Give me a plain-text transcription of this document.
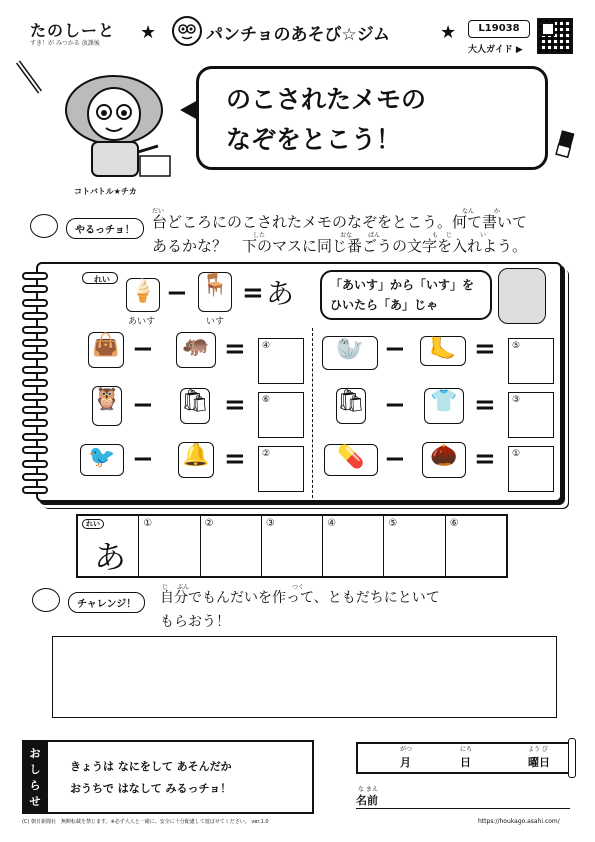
たのしーと
すき！が みつかる 放課後
★	パンチョのあそび☆ジム	★	L19038
大人ガイド ▶
コトバトル★チカ
のこされたメモの
なぞをとこう！
やるっチョ！
だい	なん	か
した	おな	ばん	も じ	い
台どころにのこされたメモのなぞをとこう。何て書いて
あるかな？　下のマスに同じ番ごうの文字を入れよう。
れい 🍦
あいす
− 🪑
いす
= あ	「あいす」から「いす」を
ひいたら「あ」じゃ
👜 − 🦛 =	④
🦉 − 🛍 =	⑥
🐦 − 🔔 =	②
🦭 −	🦶 =	⑤
🛍 − 👕 =	③
💊 −	🌰 =	①
れい
あ
①	②	③	④	⑤	⑥
チャレンジ！
じ ぶん	つく
自分でもんだいを作って、ともだちにといて
もらおう！
お
し
ら
せ
きょうは なにをして あそんだか
おうちで はなして みるっチョ！
がつ
月
にち
日
よう び
曜日
な まえ
名前
(C) 朝日新聞社　無断転載を禁じます。※必ず大人と一緒に、安全に十分配慮して遊ばせてください。 ver.1.0	https://houkago.asahi.com/
